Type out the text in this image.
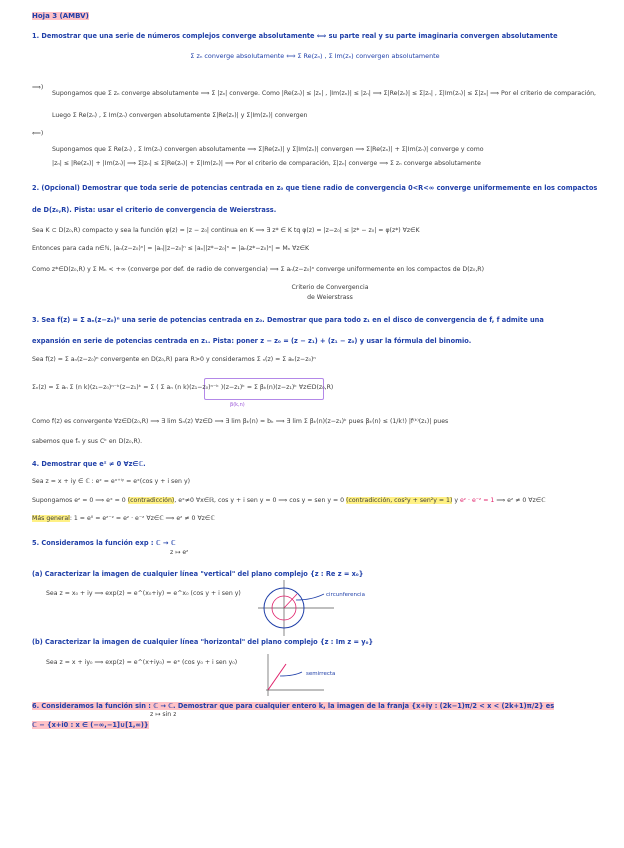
Hoja 3 (AMBV)
1. Demostrar que una serie de números complejos converge absolutamente ⟺ su parte real y su parte imaginaria convergen absolutamente
Σ zₙ converge absolutamente ⟺ Σ Re(zₙ) , Σ Im(zₙ) convergen absolutamente
⟹)
Supongamos que Σ zₙ converge absolutamente ⟹ Σ |zₙ| converge. Como |Re(zₙ)| ≤ |zₙ| , |Im(zₙ)| ≤ |zₙ| ⟹ Σ|Re(zₙ)| ≤ Σ|zₙ| , Σ|Im(zₙ)| ≤ Σ|zₙ| ⟹ Por el criterio de comparación,
Luego Σ Re(zₙ) , Σ Im(zₙ) convergen absolutamente Σ|Re(zₙ)| y Σ|Im(zₙ)| convergen
⟸)
Supongamos que Σ Re(zₙ) , Σ Im(zₙ) convergen absolutamente ⟹ Σ|Re(zₙ)| y Σ|Im(zₙ)| convergen ⟹ Σ|Re(zₙ)| + Σ|Im(zₙ)| converge y como
|zₙ| ≤ |Re(zₙ)| + |Im(zₙ)| ⟹ Σ|zₙ| ≤ Σ|Re(zₙ)| + Σ|Im(zₙ)| ⟹ Por el criterio de comparación, Σ|zₙ| converge ⟹ Σ zₙ converge absolutamente
2. (Opcional) Demostrar que toda serie de potencias centrada en z₀ que tiene radio de convergencia 0<R<∞ converge uniformemente en los compactos
de D(z₀,R). Pista: usar el criterio de convergencia de Weierstrass.
Sea K ⊂ D(z₀,R) compacto y sea la función φ(z) = |z − z₀| continua en K ⟹ ∃ z* ∈ K tq φ(z) = |z−z₀| ≤ |z* − z₀| = φ(z*) ∀z∈K
Entonces para cada n∈ℕ, |aₙ(z−z₀)ⁿ| = |aₙ||z−z₀|ⁿ ≤ |aₙ||z*−z₀|ⁿ = |aₙ(z*−z₀)ⁿ| = Mₙ ∀z∈K
Como z*∈D(z₀,R) y Σ Mₙ < +∞ (converge por def. de radio de convergencia) ⟹ Σ aₙ(z−z₀)ⁿ converge uniformemente en los compactos de D(z₀,R)
Criterio de Convergencia
de Weierstrass
3. Sea f(z) = Σ aₙ(z−z₀)ⁿ una serie de potencias centrada en z₀. Demostrar que para todo z₁ en el disco de convergencia de f, f admite una
expansión en serie de potencias centrada en z₁. Pista: poner z − z₀ = (z − z₁) + (z₁ − z₀) y usar la fórmula del binomio.
Sea f(z) = Σ aₙ(z−z₀)ⁿ convergente en D(z₀,R) para R>0 y consideramos Σ ₙ(z) = Σ aₙ(z−z₀)ⁿ
Σₙ(z) = Σ aₙ Σ (n k)(z₁−z₀)ⁿ⁻ᵏ(z−z₁)ᵏ = Σ ( Σ aₙ (n k)(z₁−z₀)ⁿ⁻ᵏ )(z−z₁)ᵏ = Σ βₖ(n)(z−z₁)ᵏ ∀z∈D(z₀,R)
β(k,n)
Como f(z) es convergente ∀z∈D(z₀,R) ⟹ ∃ lim Sₙ(z) ∀z∈D ⟹ ∃ lim βₖ(n) = bₖ ⟹ ∃ lim Σ βₖ(n)(z−z₁)ᵏ pues βₖ(n) ≤ (1/k!) |f⁽ᵏ⁾(z₁)| pues
sabemos que fₙ y sus Cᵏ en D(z₀,R).
4. Demostrar que eᶻ ≠ 0 ∀z∈ℂ.
Sea z = x + iy ∈ ℂ : eᶻ = eˣ⁺ⁱʸ = eˣ(cos y + i sen y)
Supongamos eᶻ = 0 ⟹ eˣ = 0 (contradicción), eˣ≠0 ∀x∈ℝ, cos y + i sen y = 0 ⟹ cos y = sen y = 0 (contradicción, cos²y + sen²y = 1) y eᶻ · e⁻ᶻ = 1 ⟹ eᶻ ≠ 0 ∀z∈ℂ
Más general: 1 = e⁰ = eᶻ⁻ᶻ = eᶻ · e⁻ᶻ ∀z∈ℂ ⟹ eᶻ ≠ 0 ∀z∈ℂ
5. Consideramos la función exp : ℂ → ℂ
z ↦ eᶻ
(a) Caracterizar la imagen de cualquier línea "vertical" del plano complejo {z : Re z = x₀}
Sea z = x₀ + iy ⟹ exp(z) = e^(x₀+iy) = e^x₀ (cos y + i sen y)	circunferencia
(b) Caracterizar la imagen de cualquier línea "horizontal" del plano complejo {z : Im z = y₀}
Sea z = x + iy₀ ⟹ exp(z) = e^(x+iy₀) = eˣ (cos y₀ + i sen y₀)
semirrecta
6. Consideramos la función sin : ℂ → ℂ. Demostrar que para cualquier entero k, la imagen de la franja {x+iy : (2k−1)π/2 < x < (2k+1)π/2} es
z ↦ sin z
ℂ − {x+i0 : x ∈ (−∞,−1]∪[1,∞)}
